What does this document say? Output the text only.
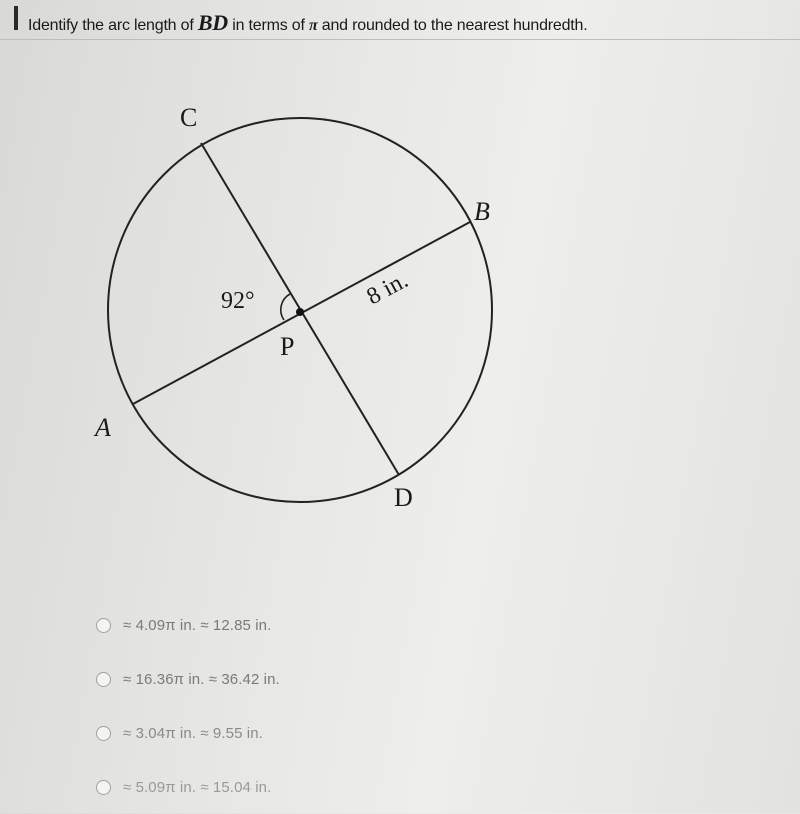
Identify the arc length of BD in terms of π and rounded to the nearest hundredth.
C
B
A
D
P
92°	8 in.
≈ 4.09π in. ≈ 12.85 in.
≈ 16.36π in. ≈ 36.42 in.
≈ 3.04π in. ≈ 9.55 in.
≈ 5.09π in. ≈ 15.04 in.
